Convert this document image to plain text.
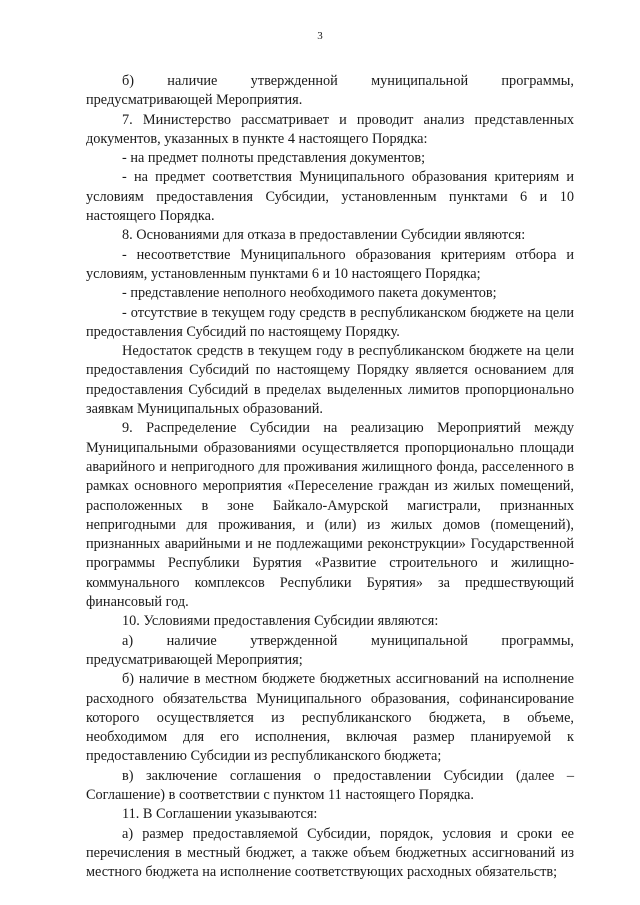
3

б) наличие утвержденной муниципальной программы, предусматривающей Мероприятия.

7. Министерство рассматривает и проводит анализ представленных документов, указанных в пункте 4 настоящего Порядка:

- на предмет полноты представления документов;

- на предмет соответствия Муниципального образования критериям и условиям предоставления Субсидии, установленным пунктами 6 и 10 настоящего Порядка.

8. Основаниями для отказа в предоставлении Субсидии являются:

- несоответствие Муниципального образования критериям отбора и условиям, установленным пунктами 6 и 10 настоящего Порядка;

- представление неполного необходимого пакета документов;

- отсутствие в текущем году средств в республиканском бюджете на цели предоставления Субсидий по настоящему Порядку.

Недостаток средств в текущем году в республиканском бюджете на цели предоставления Субсидий по настоящему Порядку является основанием для предоставления Субсидий в пределах выделенных лимитов пропорционально заявкам Муниципальных образований.

9. Распределение Субсидии на реализацию Мероприятий между Муниципальными образованиями осуществляется пропорционально площади аварийного и непригодного для проживания жилищного фонда, расселенного в рамках основного мероприятия «Переселение граждан из жилых помещений, расположенных в зоне Байкало-Амурской магистрали, признанных непригодными для проживания, и (или) из жилых домов (помещений), признанных аварийными и не подлежащими реконструкции» Государственной программы Республики Бурятия «Развитие строительного и жилищно-коммунального комплексов Республики Бурятия» за предшествующий финансовый год.

10. Условиями предоставления Субсидии являются:

а) наличие утвержденной муниципальной программы, предусматривающей Мероприятия;

б) наличие в местном бюджете бюджетных ассигнований на исполнение расходного обязательства Муниципального образования, софинансирование которого осуществляется из республиканского бюджета, в объеме, необходимом для его исполнения, включая размер планируемой к предоставлению Субсидии из республиканского бюджета;

в) заключение соглашения о предоставлении Субсидии (далее – Соглашение) в соответствии с пунктом 11 настоящего Порядка.

11. В Соглашении указываются:

а) размер предоставляемой Субсидии, порядок, условия и сроки ее перечисления в местный бюджет, а также объем бюджетных ассигнований из местного бюджета на исполнение соответствующих расходных обязательств;
